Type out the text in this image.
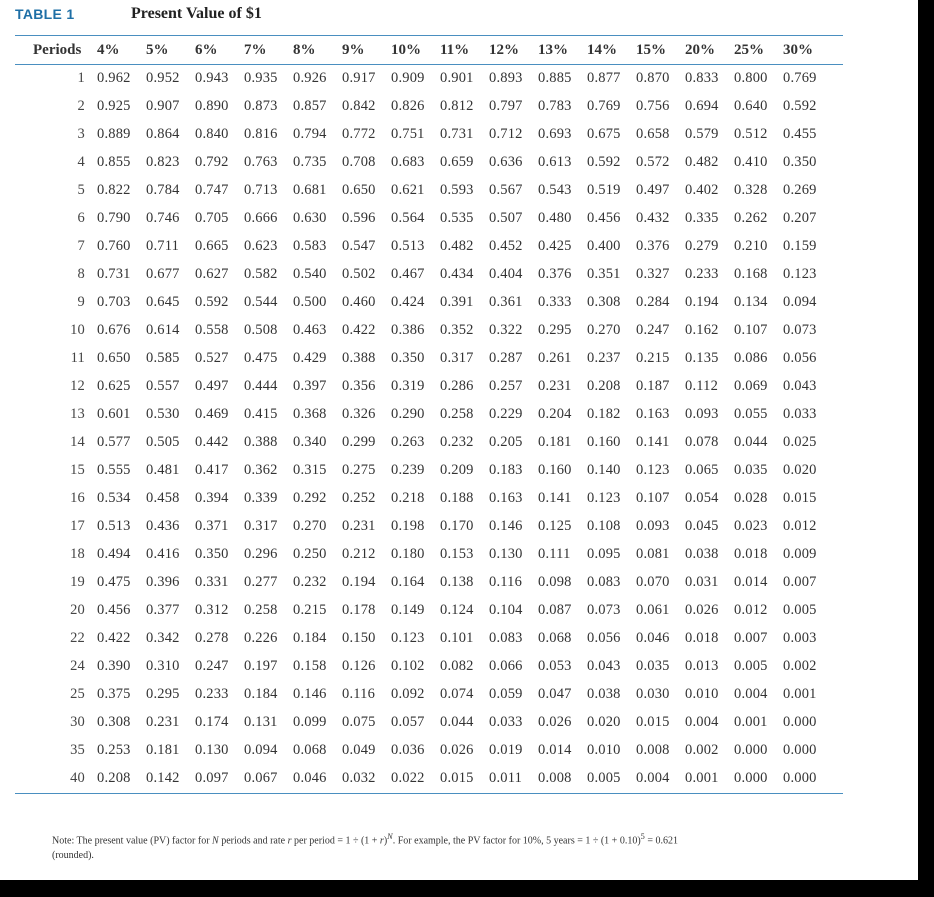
TABLE 1	Present Value of $1
Periods	4%	5%	6%	7%	8%	9%	10%	11%	12%	13%	14%	15%	20%	25%	30%
1	0.962	0.952	0.943	0.935	0.926	0.917	0.909	0.901	0.893	0.885	0.877	0.870	0.833	0.800	0.769
2	0.925	0.907	0.890	0.873	0.857	0.842	0.826	0.812	0.797	0.783	0.769	0.756	0.694	0.640	0.592
3	0.889	0.864	0.840	0.816	0.794	0.772	0.751	0.731	0.712	0.693	0.675	0.658	0.579	0.512	0.455
4	0.855	0.823	0.792	0.763	0.735	0.708	0.683	0.659	0.636	0.613	0.592	0.572	0.482	0.410	0.350
5	0.822	0.784	0.747	0.713	0.681	0.650	0.621	0.593	0.567	0.543	0.519	0.497	0.402	0.328	0.269
6	0.790	0.746	0.705	0.666	0.630	0.596	0.564	0.535	0.507	0.480	0.456	0.432	0.335	0.262	0.207
7	0.760	0.711	0.665	0.623	0.583	0.547	0.513	0.482	0.452	0.425	0.400	0.376	0.279	0.210	0.159
8	0.731	0.677	0.627	0.582	0.540	0.502	0.467	0.434	0.404	0.376	0.351	0.327	0.233	0.168	0.123
9	0.703	0.645	0.592	0.544	0.500	0.460	0.424	0.391	0.361	0.333	0.308	0.284	0.194	0.134	0.094
10	0.676	0.614	0.558	0.508	0.463	0.422	0.386	0.352	0.322	0.295	0.270	0.247	0.162	0.107	0.073
11	0.650	0.585	0.527	0.475	0.429	0.388	0.350	0.317	0.287	0.261	0.237	0.215	0.135	0.086	0.056
12	0.625	0.557	0.497	0.444	0.397	0.356	0.319	0.286	0.257	0.231	0.208	0.187	0.112	0.069	0.043
13	0.601	0.530	0.469	0.415	0.368	0.326	0.290	0.258	0.229	0.204	0.182	0.163	0.093	0.055	0.033
14	0.577	0.505	0.442	0.388	0.340	0.299	0.263	0.232	0.205	0.181	0.160	0.141	0.078	0.044	0.025
15	0.555	0.481	0.417	0.362	0.315	0.275	0.239	0.209	0.183	0.160	0.140	0.123	0.065	0.035	0.020
16	0.534	0.458	0.394	0.339	0.292	0.252	0.218	0.188	0.163	0.141	0.123	0.107	0.054	0.028	0.015
17	0.513	0.436	0.371	0.317	0.270	0.231	0.198	0.170	0.146	0.125	0.108	0.093	0.045	0.023	0.012
18	0.494	0.416	0.350	0.296	0.250	0.212	0.180	0.153	0.130	0.111	0.095	0.081	0.038	0.018	0.009
19	0.475	0.396	0.331	0.277	0.232	0.194	0.164	0.138	0.116	0.098	0.083	0.070	0.031	0.014	0.007
20	0.456	0.377	0.312	0.258	0.215	0.178	0.149	0.124	0.104	0.087	0.073	0.061	0.026	0.012	0.005
22	0.422	0.342	0.278	0.226	0.184	0.150	0.123	0.101	0.083	0.068	0.056	0.046	0.018	0.007	0.003
24	0.390	0.310	0.247	0.197	0.158	0.126	0.102	0.082	0.066	0.053	0.043	0.035	0.013	0.005	0.002
25	0.375	0.295	0.233	0.184	0.146	0.116	0.092	0.074	0.059	0.047	0.038	0.030	0.010	0.004	0.001
30	0.308	0.231	0.174	0.131	0.099	0.075	0.057	0.044	0.033	0.026	0.020	0.015	0.004	0.001	0.000
35	0.253	0.181	0.130	0.094	0.068	0.049	0.036	0.026	0.019	0.014	0.010	0.008	0.002	0.000	0.000
40	0.208	0.142	0.097	0.067	0.046	0.032	0.022	0.015	0.011	0.008	0.005	0.004	0.001	0.000	0.000
Note: The present value (PV) factor for N periods and rate r per period = $1 \div (1 + r)^N$. For example, the PV factor for 10%, 5 years = $1 \div (1 + 0.10)^5 = 0.621$
(rounded).
